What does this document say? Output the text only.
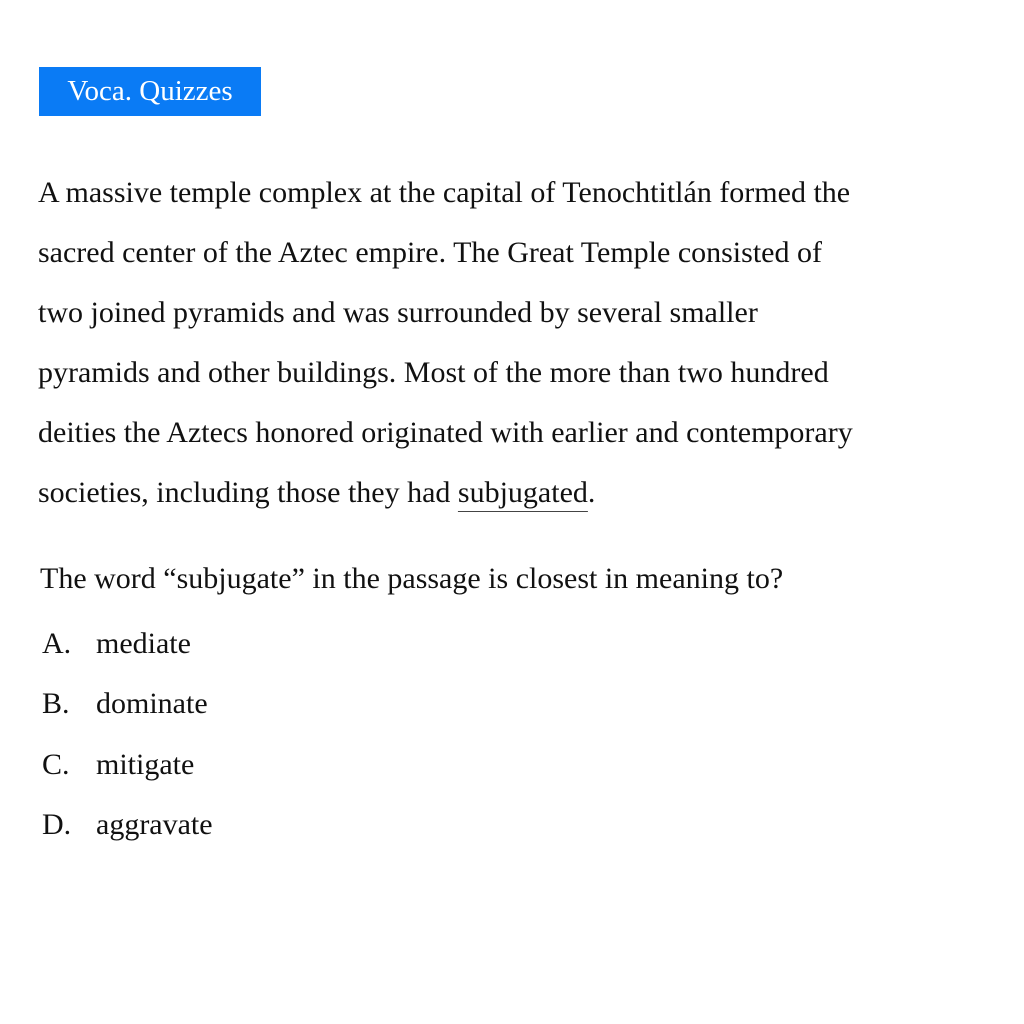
Voca. Quizzes
A massive temple complex at the capital of Tenochtitlán formed the
sacred center of the Aztec empire. The Great Temple consisted of
two joined pyramids and was surrounded by several smaller
pyramids and other buildings. Most of the more than two hundred
deities the Aztecs honored originated with earlier and contemporary
societies, including those they had subjugated.
The word “subjugate” in the passage is closest in meaning to?
A. mediate
B. dominate
C. mitigate
D. aggravate
